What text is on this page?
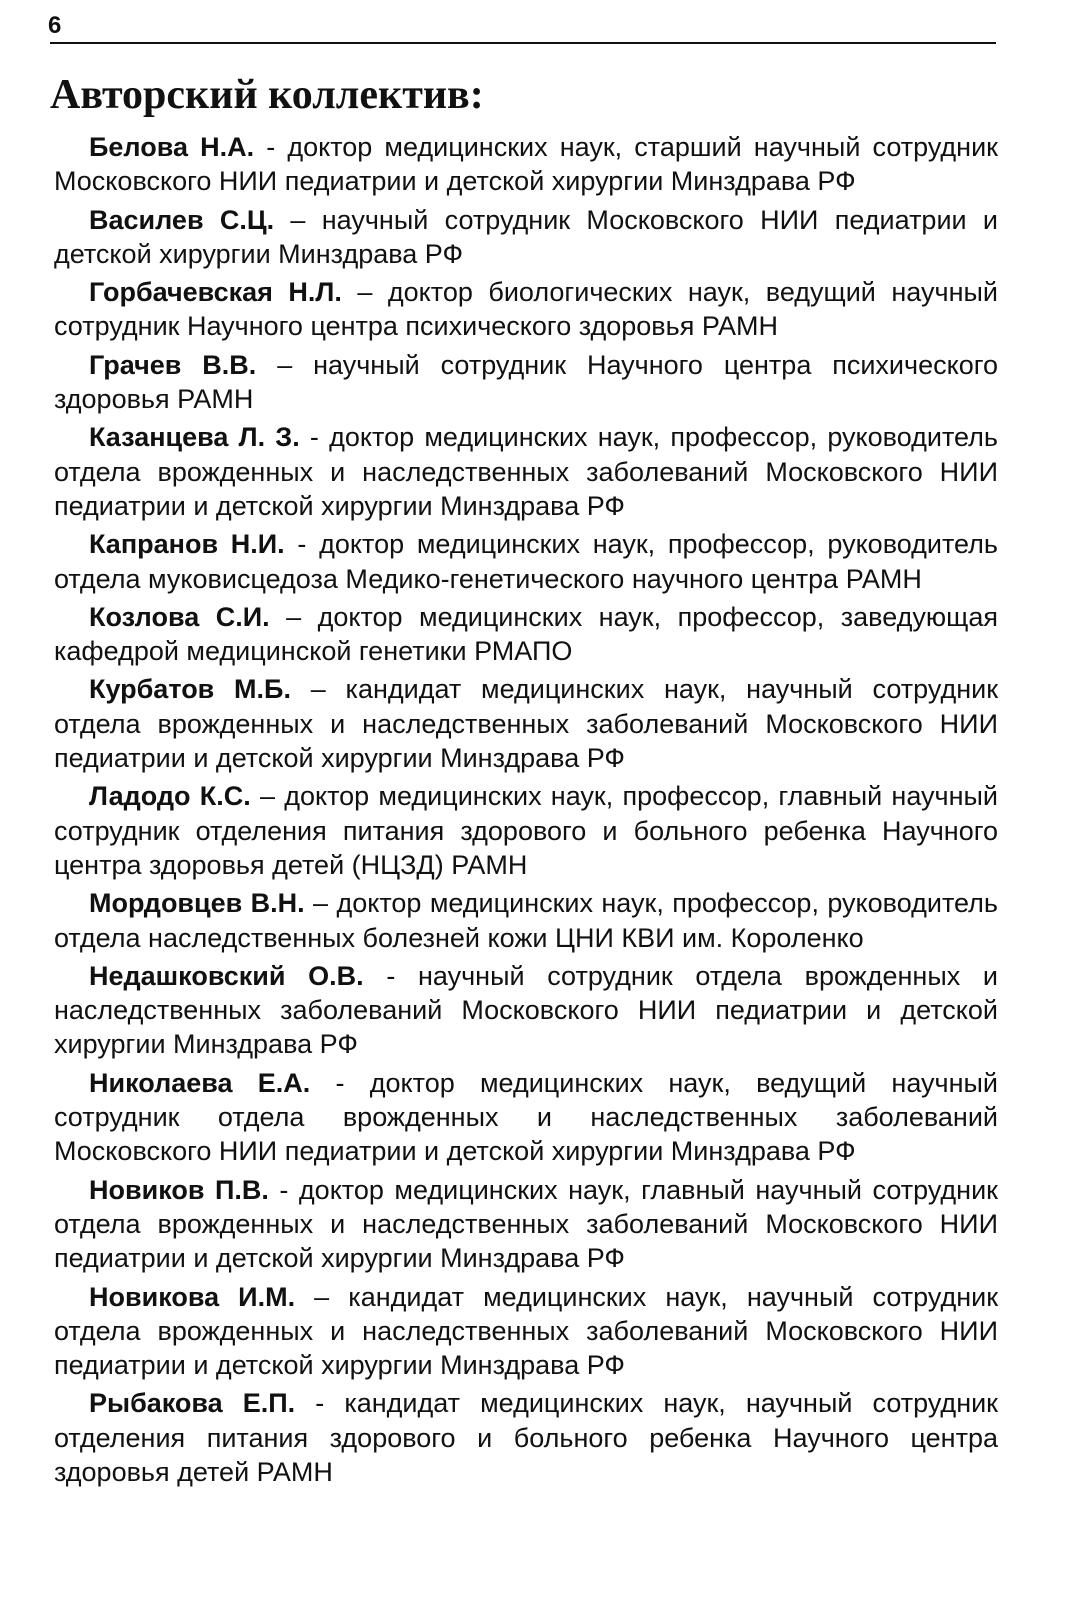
6
Авторский коллектив:

Белова Н.А. - доктор медицинских наук, старший научный сотрудник Московского НИИ педиатрии и детской хирургии Минздрава РФ

Василев С.Ц. – научный сотрудник Московского НИИ педиатрии и детской хирургии Минздрава РФ

Горбачевская Н.Л. – доктор биологических наук, ведущий научный сотрудник Научного центра психического здоровья РАМН

Грачев В.В. – научный сотрудник Научного центра психического здоровья РАМН

Казанцева Л. З. - доктор медицинских наук, профессор, руководитель отдела врожденных и наследственных заболеваний Московского НИИ педиатрии и детской хирургии Минздрава РФ

Капранов Н.И. - доктор медицинских наук, профессор, руководитель отдела муковисцедоза Медико-генетического научного центра РАМН

Козлова С.И. – доктор медицинских наук, профессор, заведующая кафедрой медицинской генетики РМАПО

Курбатов М.Б. – кандидат медицинских наук, научный сотрудник отдела врожденных и наследственных заболеваний Московского НИИ педиатрии и детской хирургии Минздрава РФ

Ладодо К.С. – доктор медицинских наук, профессор, главный научный сотрудник отделения питания здорового и больного ребенка Научного центра здоровья детей (НЦЗД) РАМН

Мордовцев В.Н. – доктор медицинских наук, профессор, руководитель отдела наследственных болезней кожи ЦНИ КВИ им. Короленко

Недашковский О.В. - научный сотрудник отдела врожденных и наследственных заболеваний Московского НИИ педиатрии и детской хирургии Минздрава РФ

Николаева Е.А. - доктор медицинских наук, ведущий научный сотрудник отдела врожденных и наследственных заболеваний Московского НИИ педиатрии и детской хирургии Минздрава РФ

Новиков П.В. - доктор медицинских наук, главный научный сотрудник отдела врожденных и наследственных заболеваний Московского НИИ педиатрии и детской хирургии Минздрава РФ

Новикова И.М. – кандидат медицинских наук, научный сотрудник отдела врожденных и наследственных заболеваний Московского НИИ педиатрии и детской хирургии Минздрава РФ

Рыбакова Е.П. - кандидат медицинских наук, научный сотрудник отделения питания здорового и больного ребенка Научного центра здоровья детей РАМН
